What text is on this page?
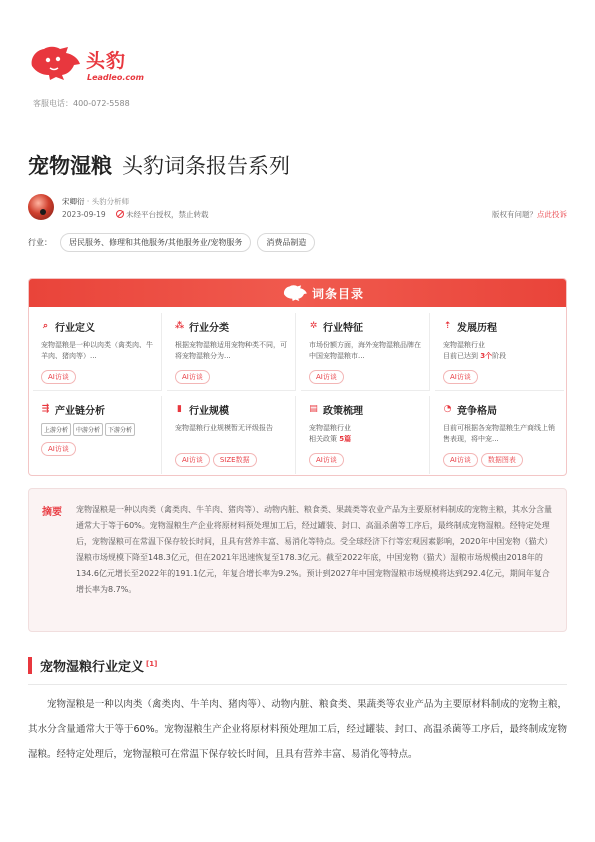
头豹
Leadleo.com
客服电话：400-072-5588
宠物湿粮 头豹词条报告系列
宋卿衍 · 头豹分析师
2023-09-19	未经平台授权，禁止转载	版权有问题？点此投诉
行业：	居民服务、修理和其他服务/其他服务业/宠物服务	消费品制造
词条目录
⌕ 行业定义
宠物湿粮是一种以肉类（禽类肉、牛羊肉、猪肉等）...
AI访谈
⁂ 行业分类
根据宠物湿粮适用宠物种类不同，可将宠物湿粮分为...
AI访谈
✲ 行业特征
市场份额方面，海外宠物湿粮品牌在中国宠物湿粮市...
AI访谈
⇡ 发展历程
宠物湿粮行业
目前已达到 3个阶段
AI访谈
⇶ 产业链分析
上游分析 中游分析 下游分析
AI访谈
▮ 行业规模
宠物湿粮行业规模暂无评级报告
AI访谈 SIZE数据
▤ 政策梳理
宠物湿粮行业
相关政策 5篇
AI访谈
◔ 竞争格局
目前可根据各宠物湿粮生产商线上销售表现，将中宠...
AI访谈 数据图表
摘要 宠物湿粮是一种以肉类（禽类肉、牛羊肉、猪肉等）、动物内脏、粮食类、果蔬类等农业产品为主要原材料制成的宠物主粮，其水分含量通常大于等于60%。宠物湿粮生产企业将原材料预处理加工后，经过罐装、封口、高温杀菌等工序后，最终制成宠物湿粮。经特定处理后，宠物湿粮可在常温下保存较长时间，且具有营养丰富、易消化等特点。受全球经济下行等宏观因素影响，2020年中国宠物（猫犬）湿粮市场规模下降至148.3亿元，但在2021年迅速恢复至178.3亿元。截至2022年底，中国宠物（猫犬）湿粮市场规模由2018年的134.6亿元增长至2022年的191.1亿元，年复合增长率为9.2%。预计到2027年中国宠物湿粮市场规模将达到292.4亿元，期间年复合增长率为8.7%。
宠物湿粮行业定义 [1]

宠物湿粮是一种以肉类（禽类肉、牛羊肉、猪肉等）、动物内脏、粮食类、果蔬类等农业产品为主要原材料制成的宠物主粮，其水分含量通常大于等于60%。宠物湿粮生产企业将原材料预处理加工后，经过罐装、封口、高温杀菌等工序后，最终制成宠物湿粮。经特定处理后，宠物湿粮可在常温下保存较长时间，且具有营养丰富、易消化等特点。
